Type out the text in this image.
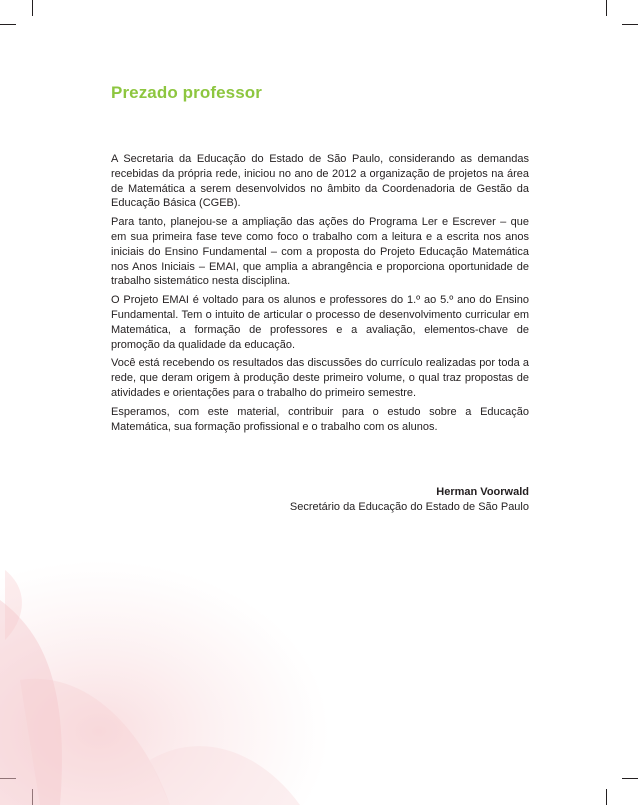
Prezado professor

A Secretaria da Educação do Estado de São Paulo, considerando as demandas recebidas da própria rede, iniciou no ano de 2012 a organização de projetos na área de Matemática a serem desenvolvidos no âmbito da Coordenadoria de Gestão da Educação Básica (CGEB).

Para tanto, planejou-se a ampliação das ações do Programa Ler e Escrever – que em sua primeira fase teve como foco o trabalho com a leitura e a escrita nos anos iniciais do Ensino Fundamental – com a proposta do Projeto Educação Matemática nos Anos Iniciais – EMAI, que amplia a abrangência e proporciona oportunidade de trabalho sistemático nesta disciplina.

O Projeto EMAI é voltado para os alunos e professores do 1.º ao 5.º ano do Ensino Fundamental. Tem o intuito de articular o processo de desenvolvimento curricular em Matemática, a formação de professores e a avaliação, elementos-chave de promoção da qualidade da educação.

Você está recebendo os resultados das discussões do currículo realizadas por toda a rede, que deram origem à produção deste primeiro volume, o qual traz propostas de atividades e orientações para o trabalho do primeiro semestre.

Esperamos, com este material, contribuir para o estudo sobre a Educação Matemática, sua formação profissional e o trabalho com os alunos.

Herman Voorwald
Secretário da Educação do Estado de São Paulo
